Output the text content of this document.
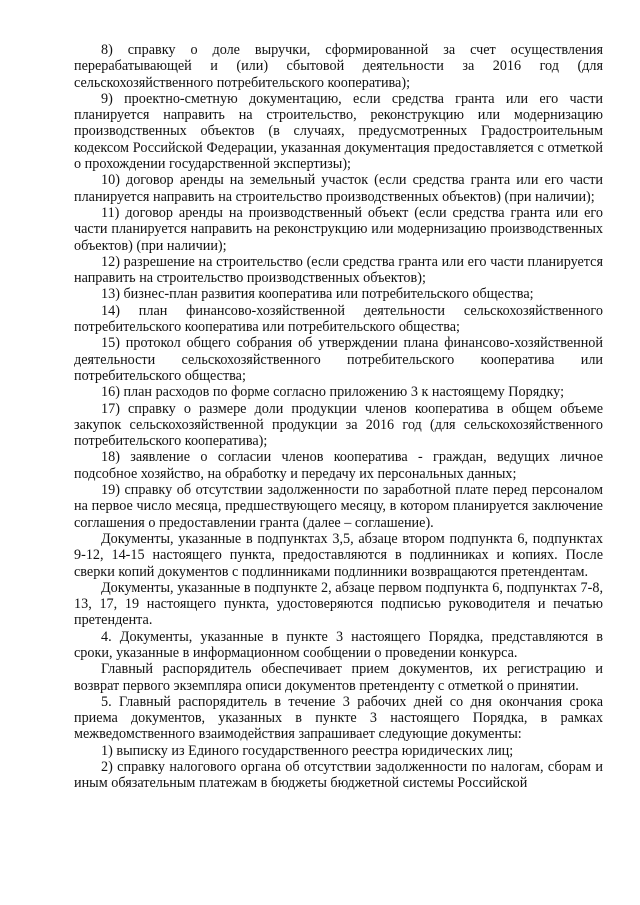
8) справку о доле выручки, сформированной за счет осуществления перерабатывающей и (или) сбытовой деятельности за 2016 год (для сельскохозяйственного потребительского кооператива);

9) проектно-сметную документацию, если средства гранта или его части планируется направить на строительство, реконструкцию или модернизацию производственных объектов (в случаях, предусмотренных Градостроительным кодексом Российской Федерации, указанная документация предоставляется с отметкой о прохождении государственной экспертизы);

10) договор аренды на земельный участок (если средства гранта или его части планируется направить на строительство производственных объектов) (при наличии);

11) договор аренды на производственный объект (если средства гранта или его части планируется направить на реконструкцию или модернизацию производственных объектов) (при наличии);

12) разрешение на строительство (если средства гранта или его части планируется направить на строительство производственных объектов);

13) бизнес-план развития кооператива или потребительского общества;

14) план финансово-хозяйственной деятельности сельскохозяйственного потребительского кооператива или потребительского общества;

15) протокол общего собрания об утверждении плана финансово-хозяйственной деятельности сельскохозяйственного потребительского кооператива или потребительского общества;

16) план расходов по форме согласно приложению 3 к настоящему Порядку;

17) справку о размере доли продукции членов кооператива в общем объеме закупок сельскохозяйственной продукции за 2016 год (для сельскохозяйственного потребительского кооператива);

18) заявление о согласии членов кооператива - граждан, ведущих личное подсобное хозяйство, на обработку и передачу их персональных данных;

19) справку об отсутствии задолженности по заработной плате перед персоналом на первое число месяца, предшествующего месяцу, в котором планируется заключение соглашения о предоставлении гранта (далее – соглашение).

Документы, указанные в подпунктах 3,5, абзаце втором подпункта 6, подпунктах 9-12, 14-15 настоящего пункта, предоставляются в подлинниках и копиях. После сверки копий документов с подлинниками подлинники возвращаются претендентам.

Документы, указанные в подпункте 2, абзаце первом подпункта 6, подпунктах 7-8, 13, 17, 19 настоящего пункта, удостоверяются подписью руководителя и печатью претендента.

4. Документы, указанные в пункте 3 настоящего Порядка, представляются в сроки, указанные в информационном сообщении о проведении конкурса.

Главный распорядитель обеспечивает прием документов, их регистрацию и возврат первого экземпляра описи документов претенденту с отметкой о принятии.

5. Главный распорядитель в течение 3 рабочих дней со дня окончания срока приема документов, указанных в пункте 3 настоящего Порядка, в рамках межведомственного взаимодействия запрашивает следующие документы:

1) выписку из Единого государственного реестра юридических лиц;

2) справку налогового органа об отсутствии задолженности по налогам, сборам и иным обязательным платежам в бюджеты бюджетной системы Российской
